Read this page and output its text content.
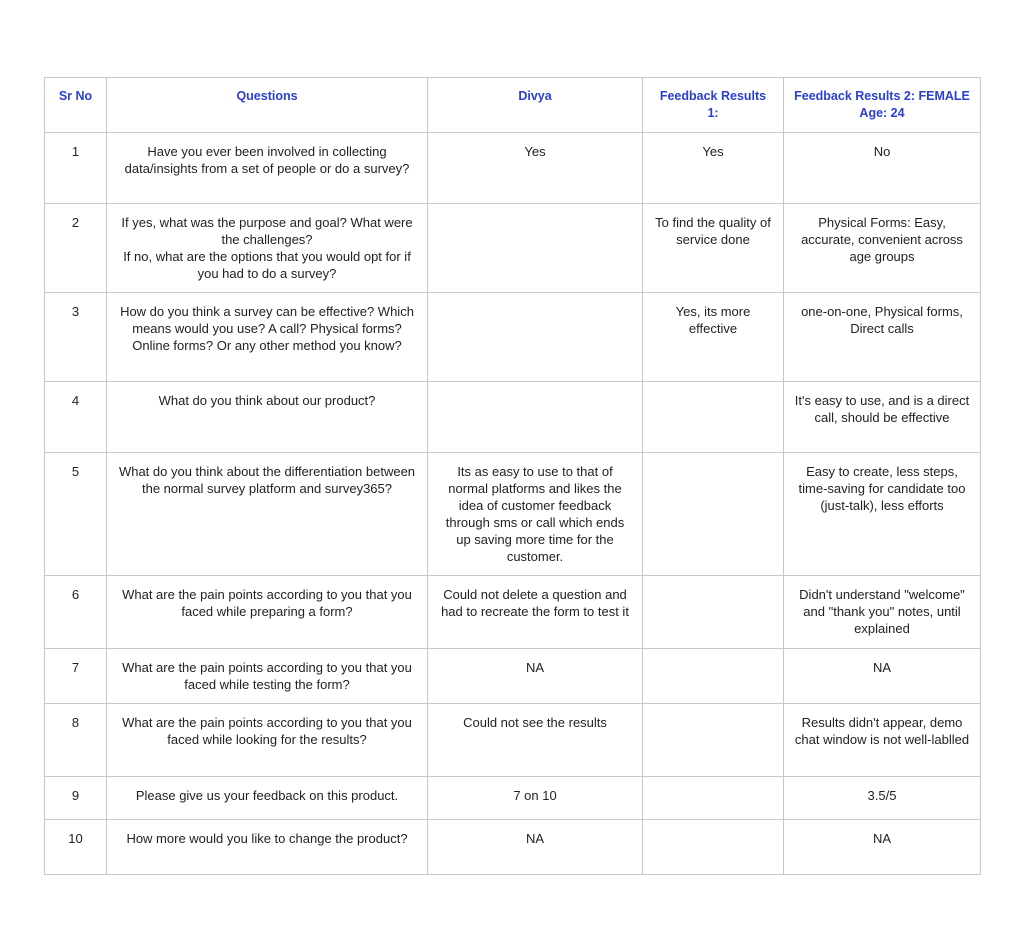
Sr No	Questions	Divya	Feedback Results 1:	Feedback Results 2: FEMALE Age: 24
1	Have you ever been involved in collecting data/insights from a set of people or do a survey?	Yes	Yes	No
2	If yes, what was the purpose and goal? What were the challenges?
If no, what are the options that you would opt for if you had to do a survey?		To find the quality of service done	Physical Forms: Easy, accurate, convenient across age groups
3	How do you think a survey can be effective? Which means would you use? A call? Physical forms? Online forms? Or any other method you know?		Yes, its more effective	one-on-one, Physical forms, Direct calls
4	What do you think about our product?			It's easy to use, and is a direct call, should be effective
5	What do you think about the differentiation between the normal survey platform and survey365?	Its as easy to use to that of normal platforms and likes the idea of customer feedback through sms or call which ends up saving more time for the customer.		Easy to create, less steps, time-saving for candidate too (just-talk), less efforts
6	What are the pain points according to you that you faced while preparing a form?	Could not delete a question and had to recreate the form to test it		Didn't understand "welcome" and "thank you" notes, until explained
7	What are the pain points according to you that you faced while testing the form?	NA		NA
8	What are the pain points according to you that you faced while looking for the results?	Could not see the results		Results didn't appear, demo chat window is not well-lablled
9	Please give us your feedback on this product.	7 on 10		3.5/5
10	How more would you like to change the product?	NA		NA
